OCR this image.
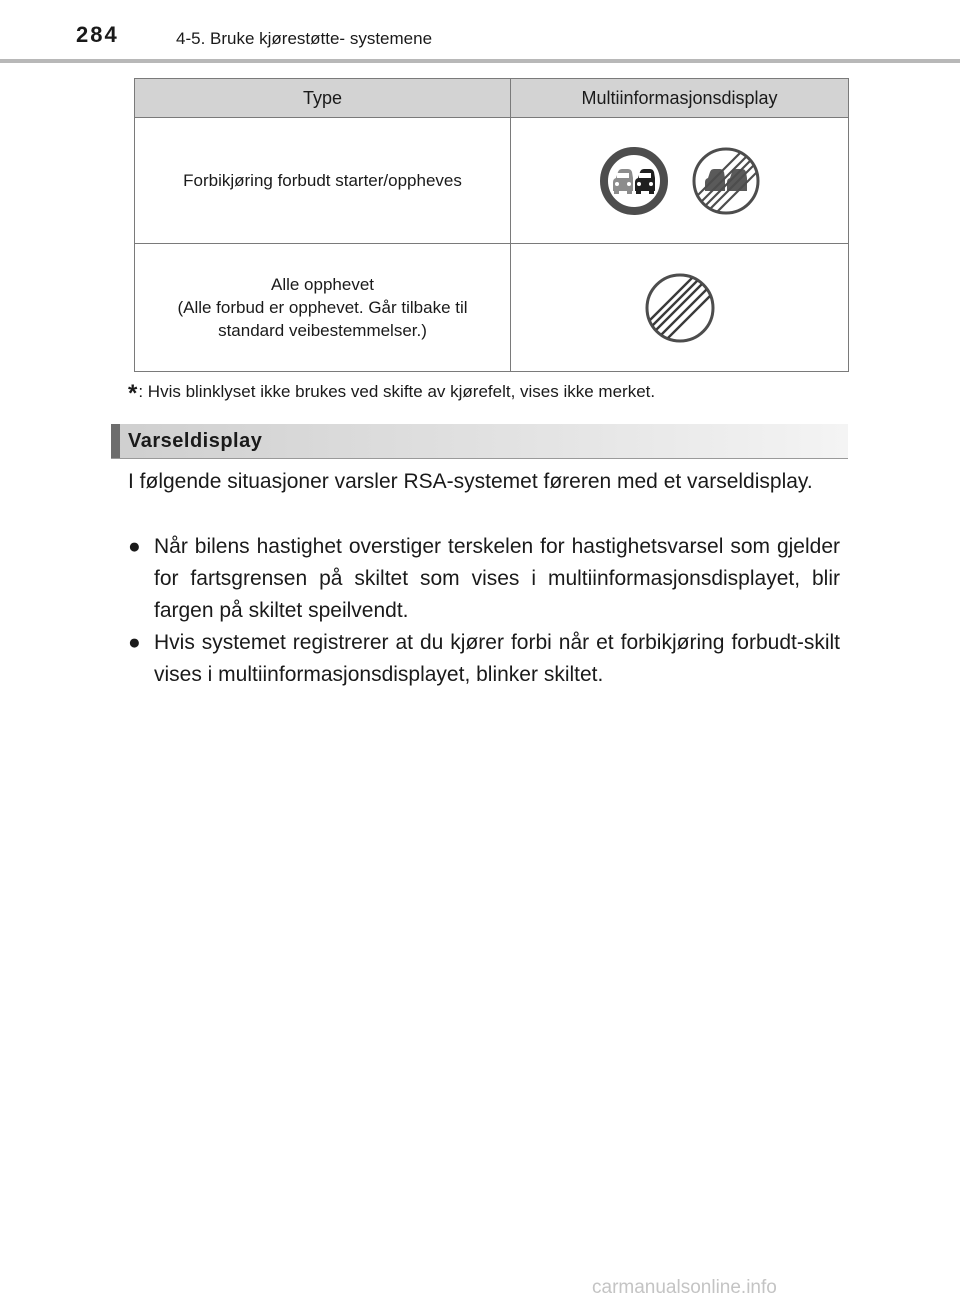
284	4-5. Bruke kjørestøtte- systemene
Type	Multiinformasjonsdisplay
Forbikjøring forbudt starter/oppheves	

Alle opphevet
(Alle forbud er opphevet. Går tilbake til
standard veibestemmelser.)

*: Hvis blinklyset ikke brukes ved skifte av kjørefelt, vises ikke merket.
Varseldisplay

I følgende situasjoner varsler RSA-systemet føreren med et varseldisplay.

● Når bilens hastighet overstiger terskelen for hastighetsvarsel som gjelder for fartsgrensen på skiltet som vises i multiinformasjonsdisplayet, blir fargen på skiltet speilvendt.
● Hvis systemet registrerer at du kjører forbi når et forbikjøring forbudt-skilt vises i multiinformasjonsdisplayet, blinker skiltet.
carmanualsonline.info
